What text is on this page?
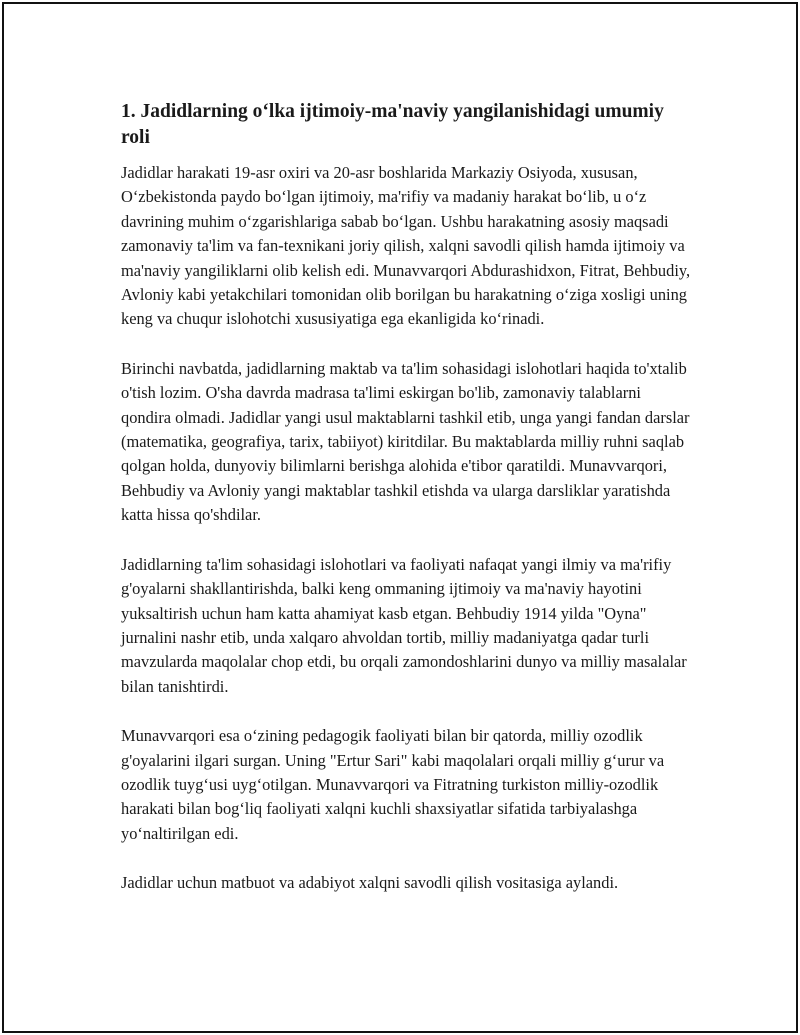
1. Jadidlarning o‘lka ijtimoiy-ma'naviy yangilanishidagi umumiy roli

Jadidlar harakati 19-asr oxiri va 20-asr boshlarida Markaziy Osiyoda, xususan, O‘zbekistonda paydo bo‘lgan ijtimoiy, ma'rifiy va madaniy harakat bo‘lib, u o‘z davrining muhim o‘zgarishlariga sabab bo‘lgan. Ushbu harakatning asosiy maqsadi zamonaviy ta'lim va fan-texnikani joriy qilish, xalqni savodli qilish hamda ijtimoiy va ma'naviy yangiliklarni olib kelish edi. Munavvarqori Abdurashidxon, Fitrat, Behbudiy, Avloniy kabi yetakchilari tomonidan olib borilgan bu harakatning o‘ziga xosligi uning keng va chuqur islohotchi xususiyatiga ega ekanligida ko‘rinadi.

Birinchi navbatda, jadidlarning maktab va ta'lim sohasidagi islohotlari haqida to'xtalib o'tish lozim. O'sha davrda madrasa ta'limi eskirgan bo'lib, zamonaviy talablarni qondira olmadi. Jadidlar yangi usul maktablarni tashkil etib, unga yangi fandan darslar (matematika, geografiya, tarix, tabiiyot) kiritdilar. Bu maktablarda milliy ruhni saqlab qolgan holda, dunyoviy bilimlarni berishga alohida e'tibor qaratildi. Munavvarqori, Behbudiy va Avloniy yangi maktablar tashkil etishda va ularga darsliklar yaratishda katta hissa qo'shdilar.

Jadidlarning ta'lim sohasidagi islohotlari va faoliyati nafaqat yangi ilmiy va ma'rifiy g'oyalarni shakllantirishda, balki keng ommaning ijtimoiy va ma'naviy hayotini yuksaltirish uchun ham katta ahamiyat kasb etgan. Behbudiy 1914 yilda "Oyna" jurnalini nashr etib, unda xalqaro ahvoldan tortib, milliy madaniyatga qadar turli mavzularda maqolalar chop etdi, bu orqali zamondoshlarini dunyo va milliy masalalar bilan tanishtirdi.

Munavvarqori esa o‘zining pedagogik faoliyati bilan bir qatorda, milliy ozodlik g'oyalarini ilgari surgan. Uning "Ertur Sari" kabi maqolalari orqali milliy g‘urur va ozodlik tuyg‘usi uyg‘otilgan. Munavvarqori va Fitratning turkiston milliy-ozodlik harakati bilan bog‘liq faoliyati xalqni kuchli shaxsiyatlar sifatida tarbiyalashga yo‘naltirilgan edi.

Jadidlar uchun matbuot va adabiyot xalqni savodli qilish vositasiga aylandi.
